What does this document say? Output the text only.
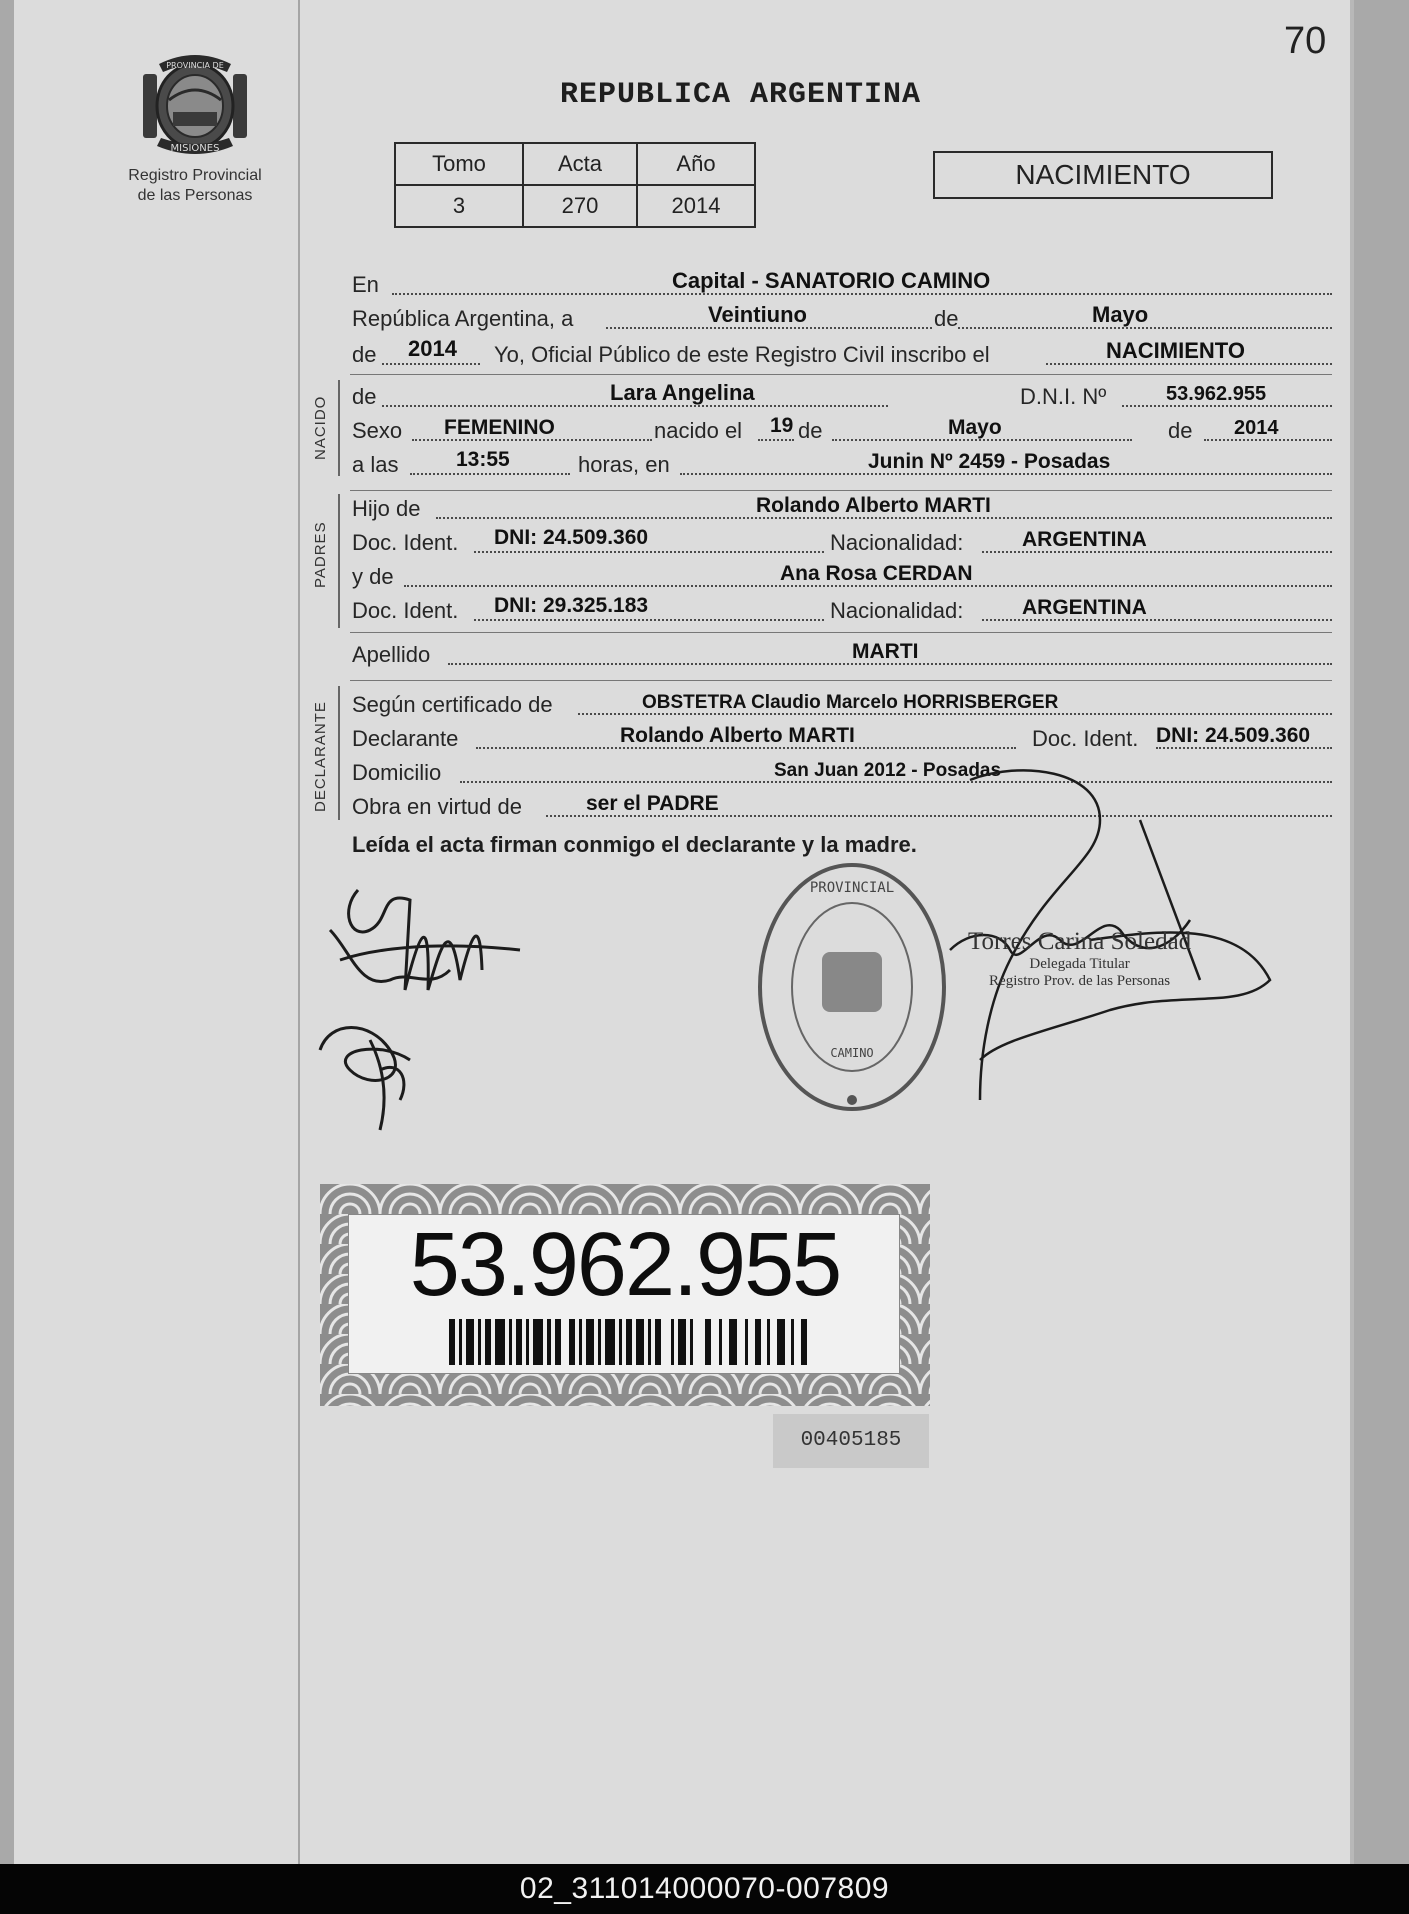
70
PROVINCIA DE
MISIONES
Registro Provincial
de las Personas
REPUBLICA ARGENTINA
Tomo	Acta	Año
3	270	2014
NACIMIENTO
En	Capital - SANATORIO CAMINO
República Argentina, a	Veintiuno	de	Mayo
de 2014 Yo, Oficial Público de este Registro Civil inscribo el	NACIMIENTO
NACIDO de	Lara Angelina	D.N.I. Nº	53.962.955
Sexo FEMENINO	nacido el 19 de	Mayo	de 2014
a las	13:55	horas, en	Junin Nº 2459 - Posadas
PADRES
Hijo de	Rolando Alberto MARTI
Doc. Ident. DNI: 24.509.360	Nacionalidad:	ARGENTINA
y de	Ana Rosa CERDAN
Doc. Ident. DNI: 29.325.183	Nacionalidad:	ARGENTINA
Apellido	MARTI
DECLARANTE Según certificado de	OBSTETRA Claudio Marcelo HORRISBERGER
Declarante	Rolando Alberto MARTI	Doc. Ident. DNI: 24.509.360
Domicilio	San Juan 2012 - Posadas
Obra en virtud de	ser el PADRE
Leída el acta firman conmigo el declarante y la madre.
PROVINCIAL
CAMINO
Torres Carina Soledad
Delegada Titular
Registro Prov. de las Personas
53.962.955
00405185
02_311014000070-007809
